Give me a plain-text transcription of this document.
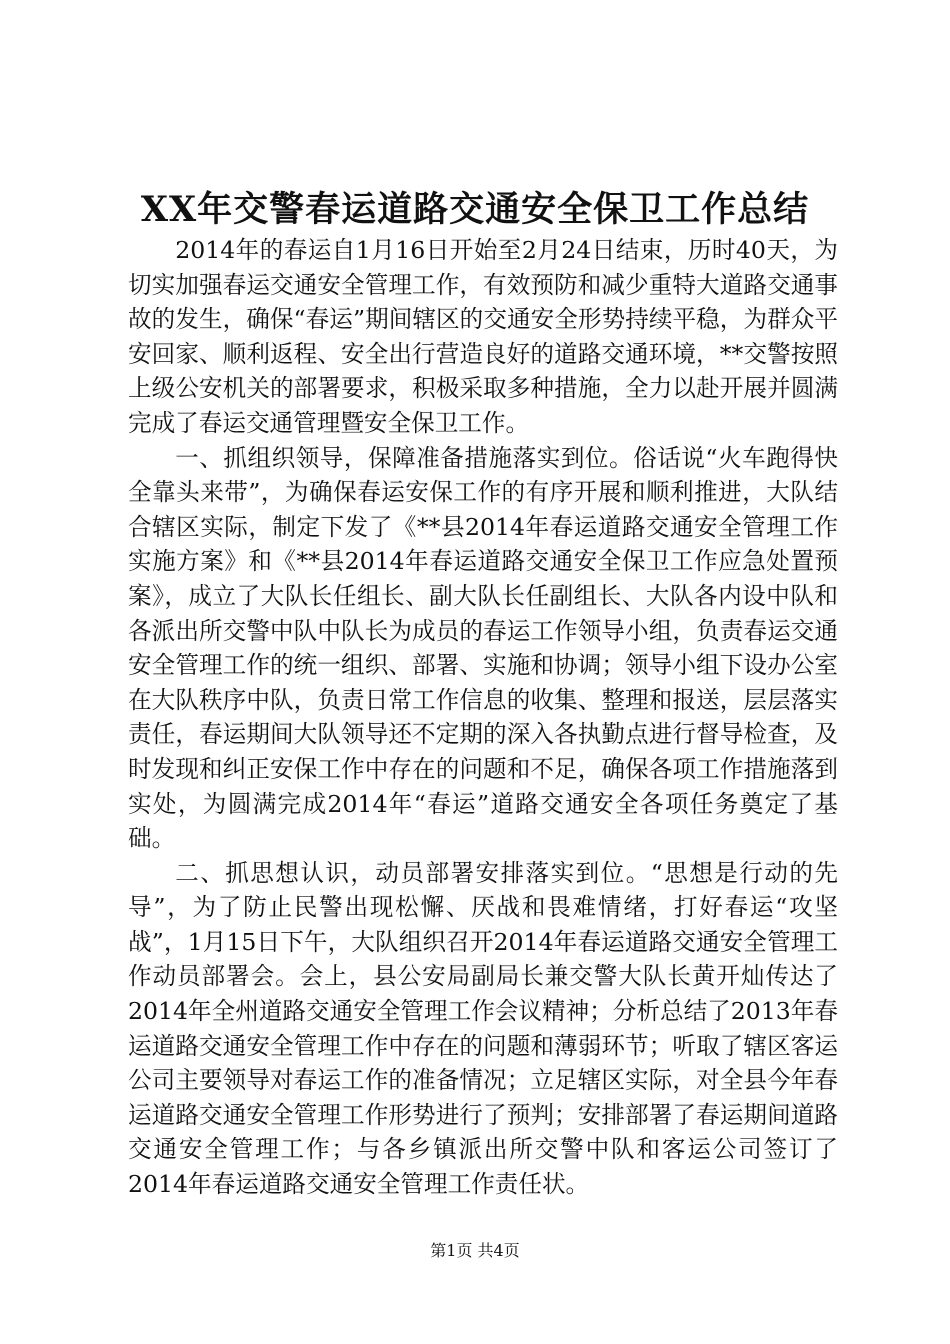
XX年交警春运道路交通安全保卫工作总结

2014年的春运自1月16日开始至2月24日结束，历时40天，为切实加强春运交通安全管理工作，有效预防和减少重特大道路交通事故的发生，确保“春运”期间辖区的交通安全形势持续平稳，为群众平安回家、顺利返程、安全出行营造良好的道路交通环境，**交警按照上级公安机关的部署要求，积极采取多种措施，全力以赴开展并圆满完成了春运交通管理暨安全保卫工作。

一、抓组织领导，保障准备措施落实到位。俗话说“火车跑得快全靠头来带”，为确保春运安保工作的有序开展和顺利推进，大队结合辖区实际，制定下发了《**县2014年春运道路交通安全管理工作实施方案》和《**县2014年春运道路交通安全保卫工作应急处置预案》，成立了大队长任组长、副大队长任副组长、大队各内设中队和各派出所交警中队中队长为成员的春运工作领导小组，负责春运交通安全管理工作的统一组织、部署、实施和协调；领导小组下设办公室在大队秩序中队，负责日常工作信息的收集、整理和报送，层层落实责任，春运期间大队领导还不定期的深入各执勤点进行督导检查，及时发现和纠正安保工作中存在的问题和不足，确保各项工作措施落到实处，为圆满完成2014年“春运”道路交通安全各项任务奠定了基础。

二、抓思想认识，动员部署安排落实到位。“思想是行动的先导”，为了防止民警出现松懈、厌战和畏难情绪，打好春运“攻坚战”，1月15日下午，大队组织召开2014年春运道路交通安全管理工作动员部署会。会上，县公安局副局长兼交警大队长黄开灿传达了2014年全州道路交通安全管理工作会议精神；分析总结了2013年春运道路交通安全管理工作中存在的问题和薄弱环节；听取了辖区客运公司主要领导对春运工作的准备情况；立足辖区实际，对全县今年春运道路交通安全管理工作形势进行了预判；安排部署了春运期间道路交通安全管理工作；与各乡镇派出所交警中队和客运公司签订了2014年春运道路交通安全管理工作责任状。

第1页 共4页
